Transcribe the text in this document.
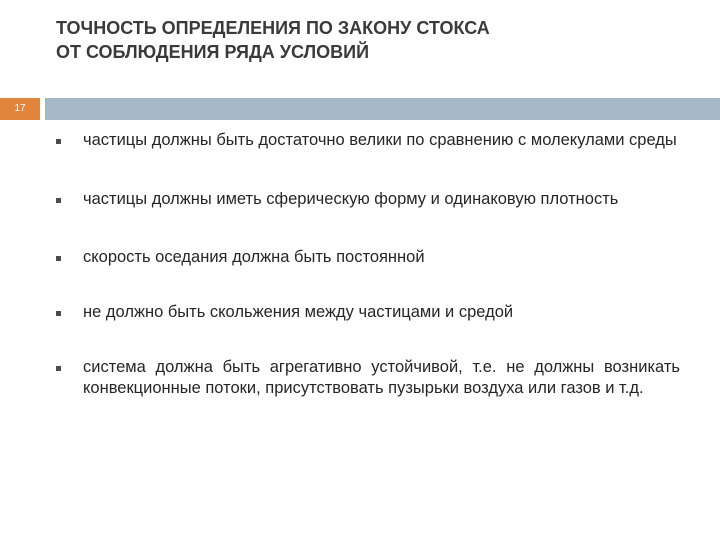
ТОЧНОСТЬ ОПРЕДЕЛЕНИЯ ПО ЗАКОНУ СТОКСА
ОТ СОБЛЮДЕНИЯ РЯДА УСЛОВИЙ
17
частицы должны быть достаточно велики по сравнению с молекулами среды
частицы должны иметь сферическую форму и одинаковую плотность
скорость оседания должна быть постоянной
не должно быть скольжения между частицами и средой
система должна быть агрегативно устойчивой, т.е. не должны возникать конвекционные потоки, присутствовать пузырьки воздуха или газов и т.д.
